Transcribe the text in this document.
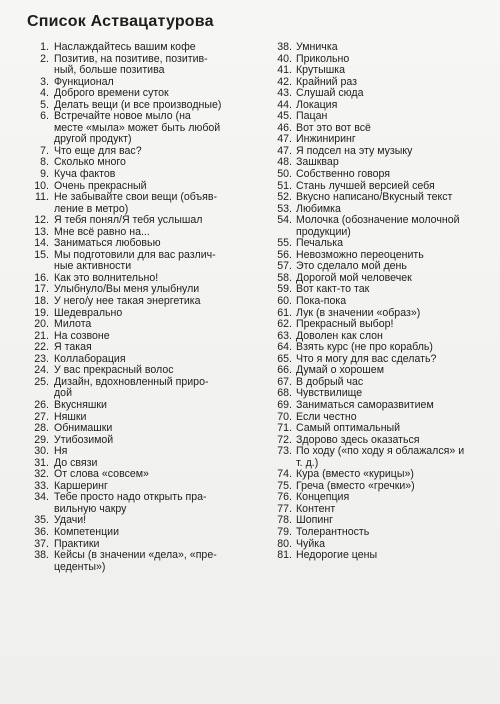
Список Аствацатурова
1. Наслаждайтесь вашим кофе
2. Позитив, на позитиве, позитив-
ный, больше позитива
3. Функционал
4. Доброго времени суток
5. Делать вещи (и все производные)
6. Встречайте новое мыло (на
месте «мыла» может быть любой
другой продукт)
7. Что еще для вас?
8. Сколько много
9. Куча фактов
10. Очень прекрасный
11. Не забывайте свои вещи (объяв-
ление в метро)
12. Я тебя понял/Я тебя услышал
13. Мне всё равно на...
14. Заниматься любовью
15. Мы подготовили для вас различ-
ные активности
16. Как это волнительно!
17. Улыбнуло/Вы меня улыбнули
18. У него/у нее такая энергетика
19. Шедеврально
20. Милота
21. На созвоне
22. Я такая
23. Коллаборация
24. У вас прекрасный волос
25. Дизайн, вдохновленный приро-
дой
26. Вкусняшки
27. Няшки
28. Обнимашки
29. Утибозимой
30. Ня
31. До связи
32. От слова «совсем»
33. Каршеринг
34. Тебе просто надо открыть пра-
вильную чакру
35. Удачи!
36. Компетенции
37. Практики
38. Кейсы (в значении «дела», «пре-
цеденты»)
38. Умничка
40. Прикольно
41. Крутышка
42. Крайний раз
43. Слушай сюда
44. Локация
45. Пацан
46. Вот это вот всё
47. Инжиниринг
47. Я подсел на эту музыку
48. Зашквар
50. Собственно говоря
51. Стань лучшей версией себя
52. Вкусно написано/Вкусный текст
53. Любимка
54. Молочка (обозначение молочной
продукции)
55. Печалька
56. Невозможно переоценить
57. Это сделало мой день
58. Дорогой мой человечек
59. Вот какт-то так
60. Пока-пока
61. Лук (в значении «образ»)
62. Прекрасный выбор!
63. Доволен как слон
64. Взять курс (не про корабль)
65. Что я могу для вас сделать?
66. Думай о хорошем
67. В добрый час
68. Чувствилище
69. Заниматься саморазвитием
70. Если честно
71. Самый оптимальный
72. Здорово здесь оказаться
73. По ходу («по ходу я облажался» и
т. д.)
74. Кура (вместо «курицы»)
75. Греча (вместо «гречки»)
76. Концепция
77. Контент
78. Шопинг
79. Толерантность
80. Чуйка
81. Недорогие цены
